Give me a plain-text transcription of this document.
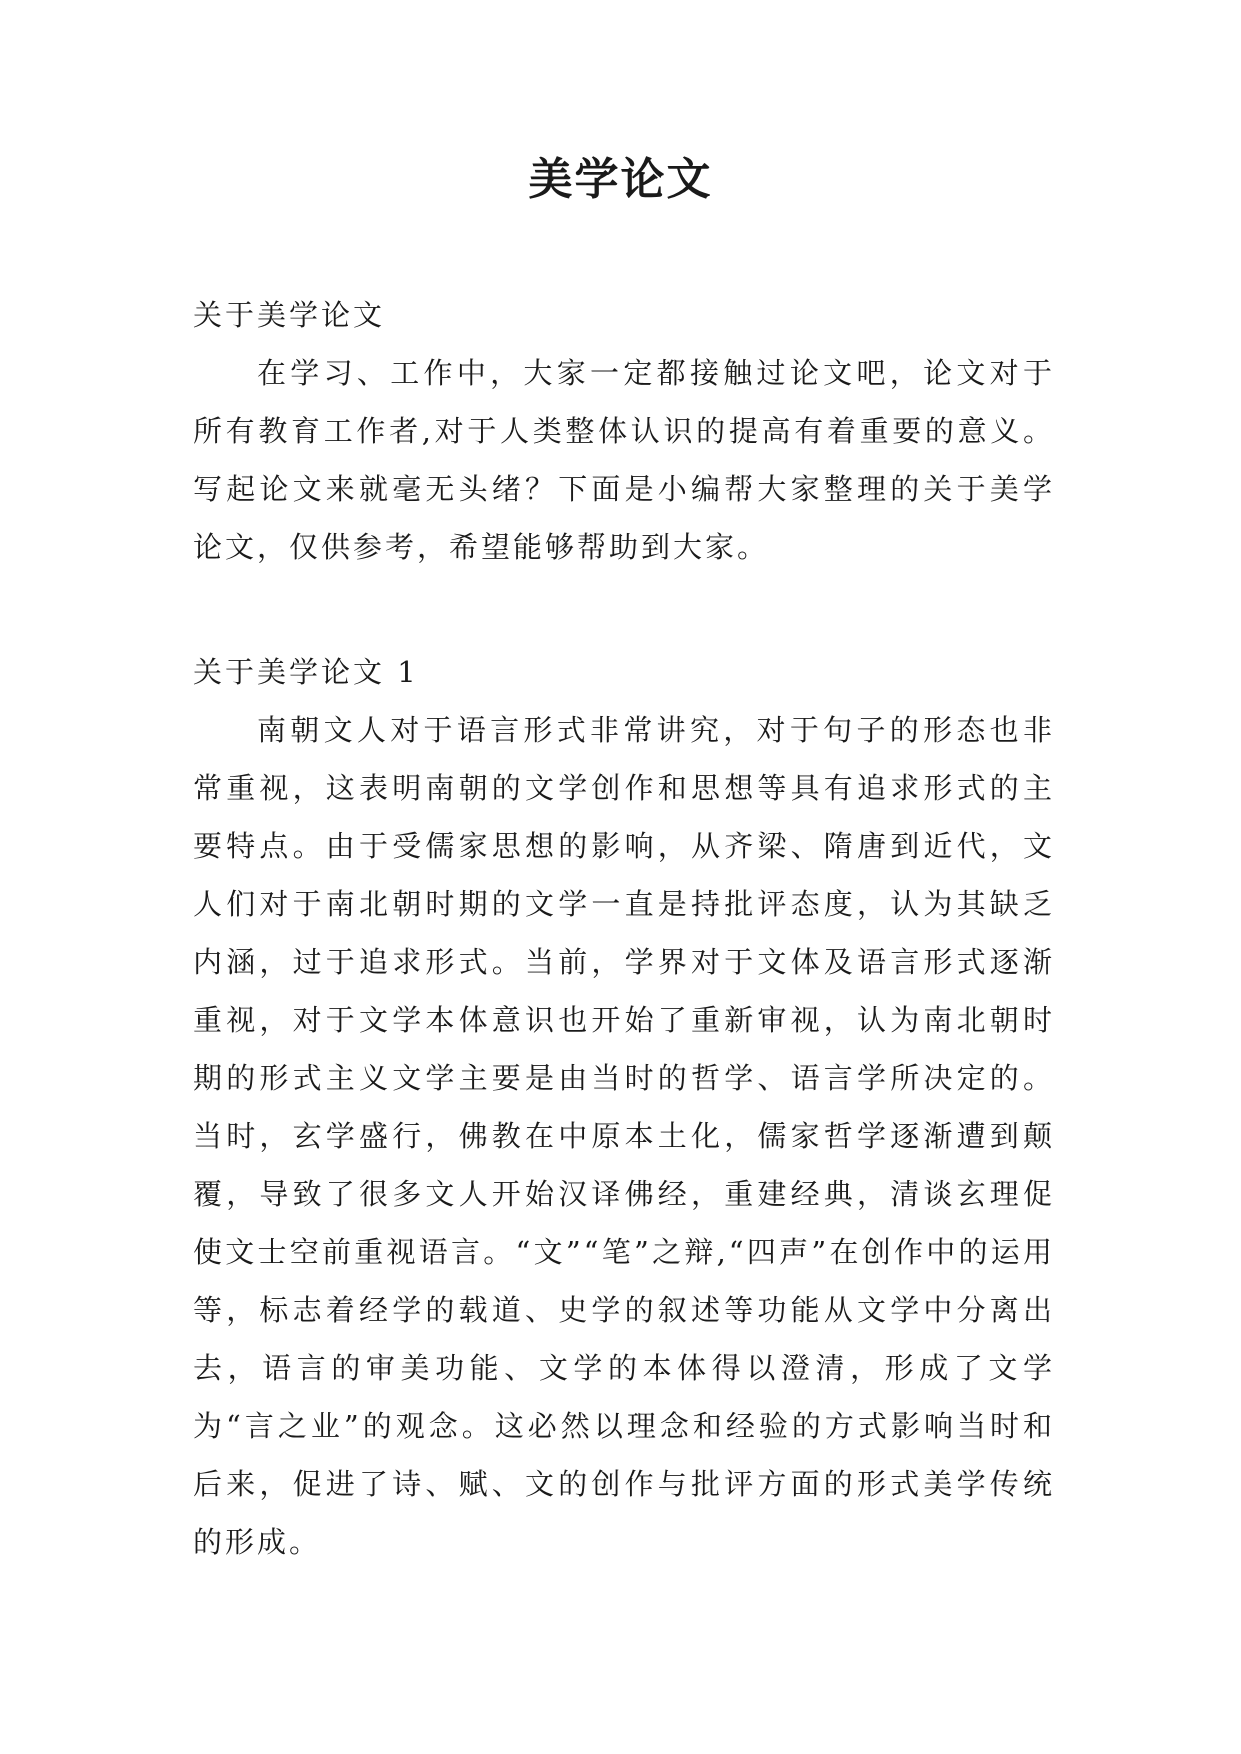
美学论文

关于美学论文

在学习、工作中，大家一定都接触过论文吧，论文对于所有教育工作者,对于人类整体认识的提高有着重要的意义。写起论文来就毫无头绪？下面是小编帮大家整理的关于美学论文，仅供参考，希望能够帮助到大家。

关于美学论文 1

南朝文人对于语言形式非常讲究，对于句子的形态也非常重视，这表明南朝的文学创作和思想等具有追求形式的主要特点。由于受儒家思想的影响，从齐梁、隋唐到近代，文人们对于南北朝时期的文学一直是持批评态度，认为其缺乏内涵，过于追求形式。当前，学界对于文体及语言形式逐渐重视，对于文学本体意识也开始了重新审视，认为南北朝时期的形式主义文学主要是由当时的哲学、语言学所决定的。当时，玄学盛行，佛教在中原本土化，儒家哲学逐渐遭到颠覆，导致了很多文人开始汉译佛经，重建经典，清谈玄理促使文士空前重视语言。“文”“笔”之辩,“四声”在创作中的运用等，标志着经学的载道、史学的叙述等功能从文学中分离出去，语言的审美功能、文学的本体得以澄清，形成了文学为“言之业”的观念。这必然以理念和经验的方式影响当时和后来，促进了诗、赋、文的创作与批评方面的形式美学传统的形成。
